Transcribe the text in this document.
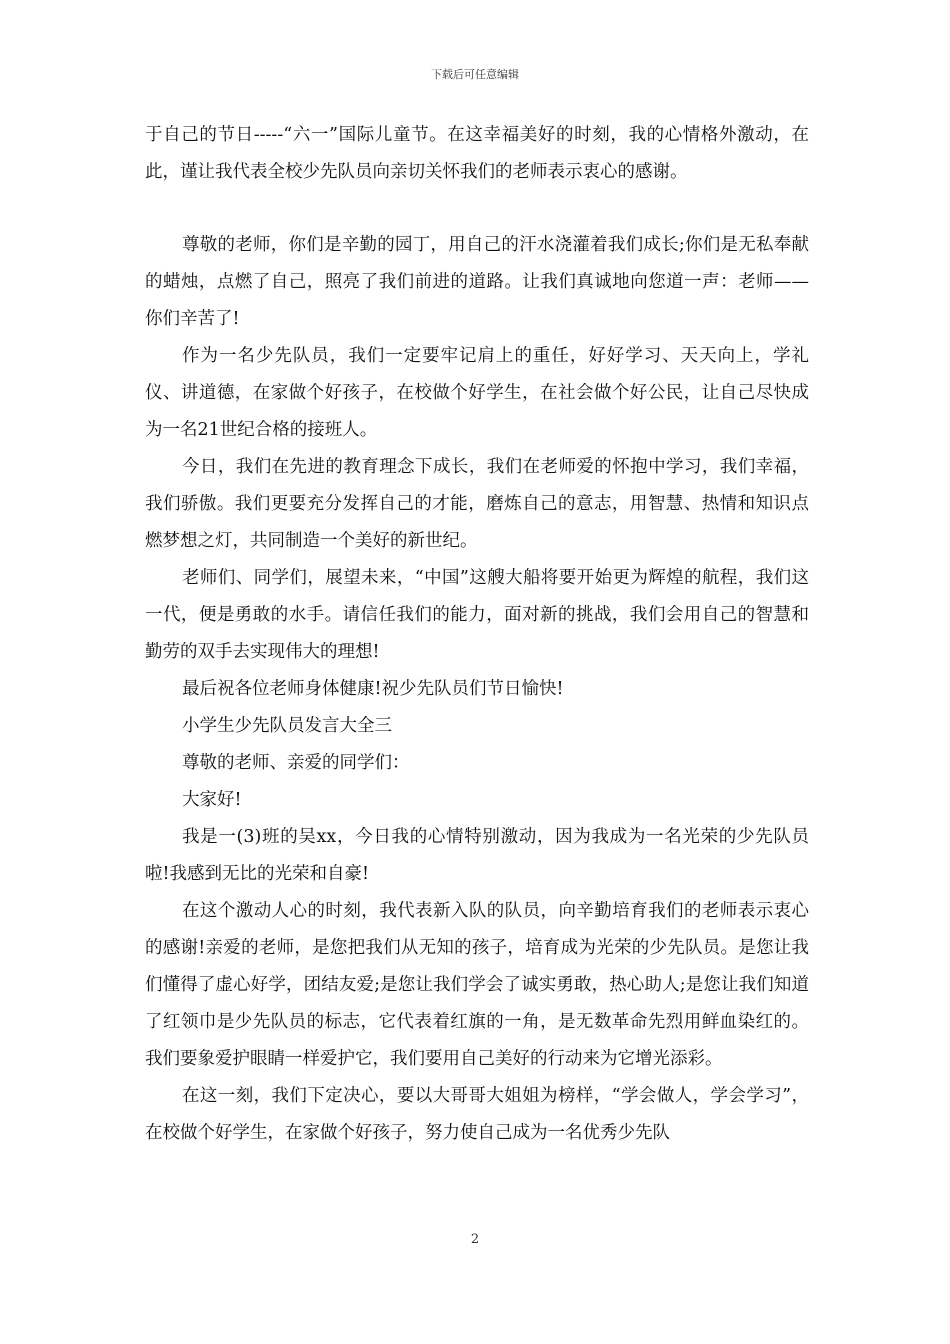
下载后可任意编辑

于自己的节日-----“六一”国际儿童节。在这幸福美好的时刻，我的心情格外激动，在此，谨让我代表全校少先队员向亲切关怀我们的老师表示衷心的感谢。

尊敬的老师，你们是辛勤的园丁，用自己的汗水浇灌着我们成长;你们是无私奉献的蜡烛，点燃了自己，照亮了我们前进的道路。让我们真诚地向您道一声：老师——你们辛苦了!

作为一名少先队员，我们一定要牢记肩上的重任，好好学习、天天向上，学礼仪、讲道德，在家做个好孩子，在校做个好学生，在社会做个好公民，让自己尽快成为一名21世纪合格的接班人。

今日，我们在先进的教育理念下成长，我们在老师爱的怀抱中学习，我们幸福，我们骄傲。我们更要充分发挥自己的才能，磨炼自己的意志，用智慧、热情和知识点燃梦想之灯，共同制造一个美好的新世纪。

老师们、同学们，展望未来，“中国”这艘大船将要开始更为辉煌的航程，我们这一代，便是勇敢的水手。请信任我们的能力，面对新的挑战，我们会用自己的智慧和勤劳的双手去实现伟大的理想!

最后祝各位老师身体健康!祝少先队员们节日愉快!

小学生少先队员发言大全三

尊敬的老师、亲爱的同学们：

大家好!

我是一(3)班的吴xx，今日我的心情特别激动，因为我成为一名光荣的少先队员啦!我感到无比的光荣和自豪!

在这个激动人心的时刻，我代表新入队的队员，向辛勤培育我们的老师表示衷心的感谢!亲爱的老师，是您把我们从无知的孩子，培育成为光荣的少先队员。是您让我们懂得了虚心好学，团结友爱;是您让我们学会了诚实勇敢，热心助人;是您让我们知道了红领巾是少先队员的标志，它代表着红旗的一角，是无数革命先烈用鲜血染红的。我们要象爱护眼睛一样爱护它，我们要用自己美好的行动来为它增光添彩。

在这一刻，我们下定决心，要以大哥哥大姐姐为榜样，“学会做人，学会学习”，在校做个好学生，在家做个好孩子，努力使自己成为一名优秀少先队

2
